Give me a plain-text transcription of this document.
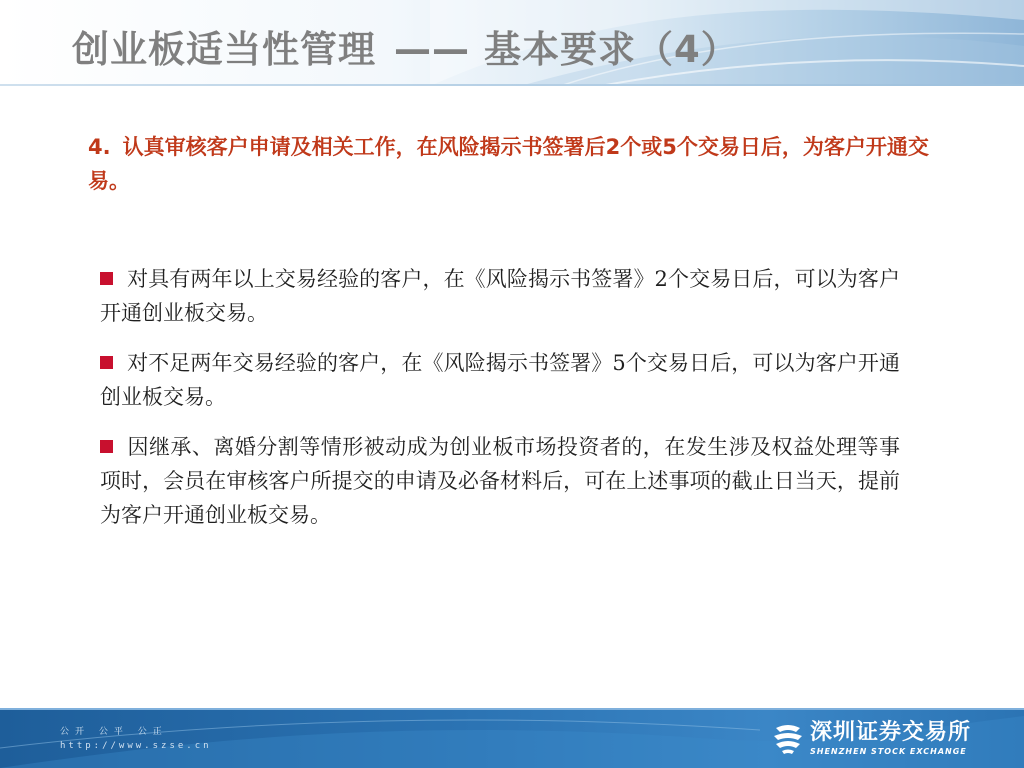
创业板适当性管理 —— 基本要求（4）

4. 认真审核客户申请及相关工作，在风险揭示书签署后2个或5个交易日后，为客户开通交易。

对具有两年以上交易经验的客户，在《风险揭示书签署》2个交易日后，可以为客户开通创业板交易。
对不足两年交易经验的客户，在《风险揭示书签署》5个交易日后，可以为客户开通创业板交易。
因继承、离婚分割等情形被动成为创业板市场投资者的，在发生涉及权益处理等事项时，会员在审核客户所提交的申请及必备材料后，可在上述事项的截止日当天，提前为客户开通创业板交易。
公开 公平 公正
http://www.szse.cn
深圳证券交易所
SHENZHEN STOCK EXCHANGE
